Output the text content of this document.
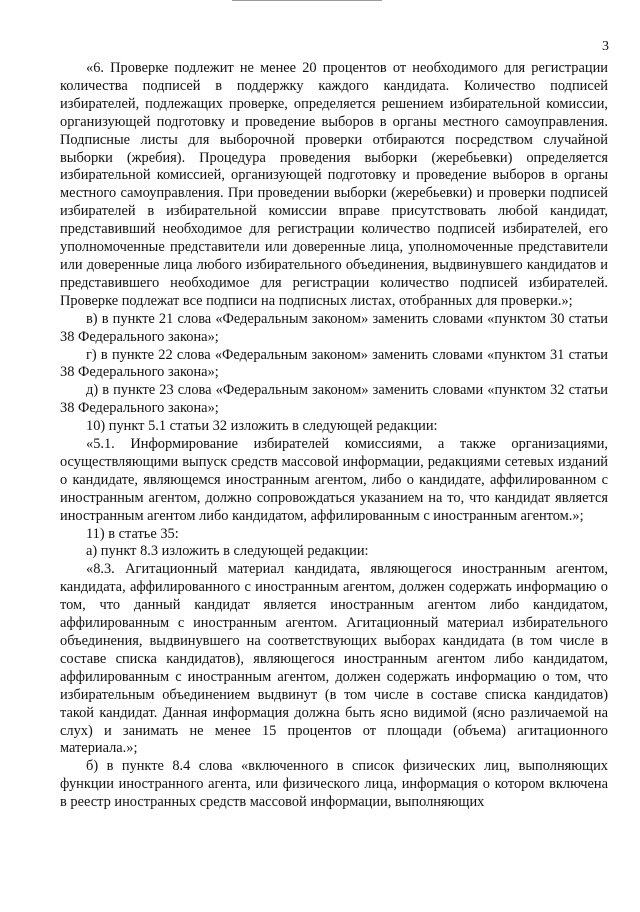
3

«6. Проверке подлежит не менее 20 процентов от необходимого для регистрации количества подписей в поддержку каждого кандидата. Количество подписей избирателей, подлежащих проверке, определяется решением избирательной комиссии, организующей подготовку и проведение выборов в органы местного самоуправления. Подписные листы для выборочной проверки отбираются посредством случайной выборки (жребия). Процедура проведения выборки (жеребьевки) определяется избирательной комиссией, организующей подготовку и проведение выборов в органы местного самоуправления. При проведении выборки (жеребьевки) и проверки подписей избирателей в избирательной комиссии вправе присутствовать любой кандидат, представивший необходимое для регистрации количество подписей избирателей, его уполномоченные представители или доверенные лица, уполномоченные представители или доверенные лица любого избирательного объединения, выдвинувшего кандидатов и представившего необходимое для регистрации количество подписей избирателей. Проверке подлежат все подписи на подписных листах, отобранных для проверки.»;

в) в пункте 21 слова «Федеральным законом» заменить словами «пунктом 30 статьи 38 Федерального закона»;

г) в пункте 22 слова «Федеральным законом» заменить словами «пунктом 31 статьи 38 Федерального закона»;

д) в пункте 23 слова «Федеральным законом» заменить словами «пунктом 32 статьи 38 Федерального закона»;

10) пункт 5.1 статьи 32 изложить в следующей редакции:

«5.1. Информирование избирателей комиссиями, а также организациями, осуществляющими выпуск средств массовой информации, редакциями сетевых изданий о кандидате, являющемся иностранным агентом, либо о кандидате, аффилированном с иностранным агентом, должно сопровождаться указанием на то, что кандидат является иностранным агентом либо кандидатом, аффилированным с иностранным агентом.»;

11) в статье 35:

а) пункт 8.3 изложить в следующей редакции:

«8.3. Агитационный материал кандидата, являющегося иностранным агентом, кандидата, аффилированного с иностранным агентом, должен содержать информацию о том, что данный кандидат является иностранным агентом либо кандидатом, аффилированным с иностранным агентом. Агитационный материал избирательного объединения, выдвинувшего на соответствующих выборах кандидата (в том числе в составе списка кандидатов), являющегося иностранным агентом либо кандидатом, аффилированным с иностранным агентом, должен содержать информацию о том, что избирательным объединением выдвинут (в том числе в составе списка кандидатов) такой кандидат. Данная информация должна быть ясно видимой (ясно различаемой на слух) и занимать не менее 15 процентов от площади (объема) агитационного материала.»;

б) в пункте 8.4 слова «включенного в список физических лиц, выполняющих функции иностранного агента, или физического лица, информация о котором включена в реестр иностранных средств массовой информации, выполняющих
